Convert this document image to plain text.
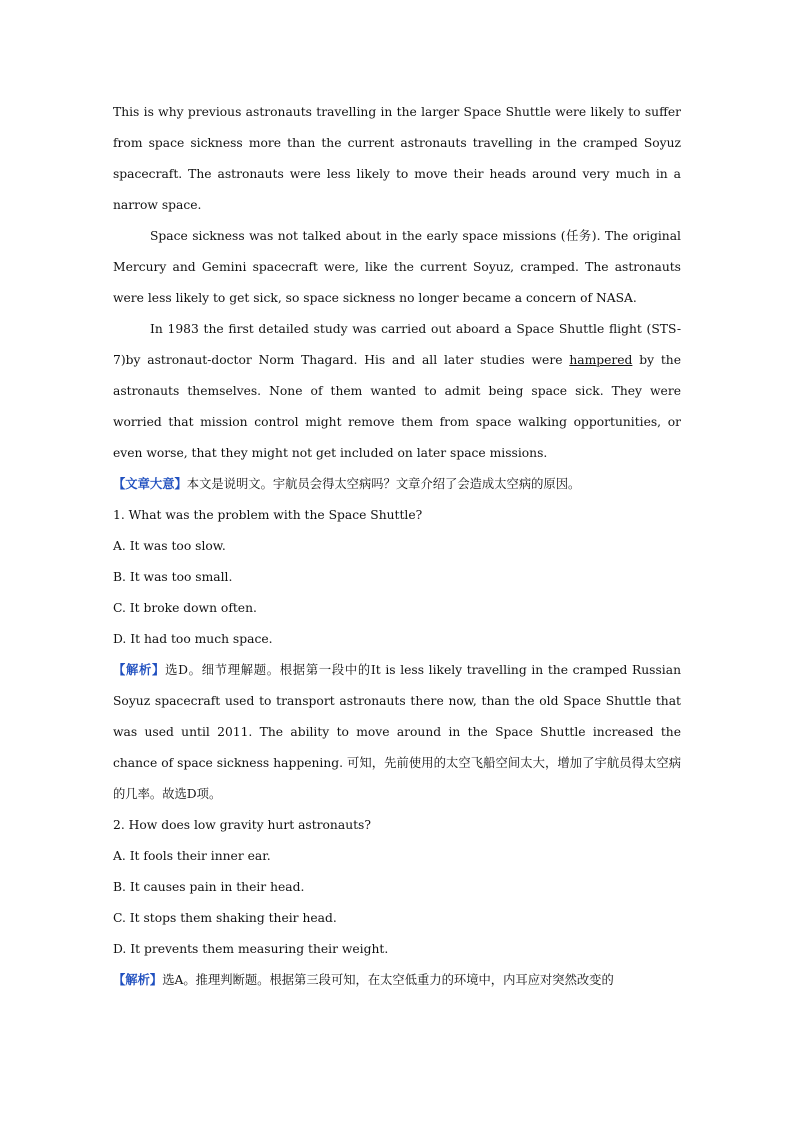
This is why previous astronauts travelling in the larger Space Shuttle were likely to suffer from space sickness more than the current astronauts travelling in the cramped Soyuz spacecraft. The astronauts were less likely to move their heads around very much in a narrow space.

Space sickness was not talked about in the early space missions (任务). The original Mercury and Gemini spacecraft were, like the current Soyuz, cramped. The astronauts were less likely to get sick, so space sickness no longer became a concern of NASA.

In 1983 the first detailed study was carried out aboard a Space Shuttle flight (STS-7)by astronaut-doctor Norm Thagard. His and all later studies were hampered by the astronauts themselves. None of them wanted to admit being space sick. They were worried that mission control might remove them from space walking opportunities, or even worse, that they might not get included on later space missions.

【文章大意】本文是说明文。宇航员会得太空病吗？文章介绍了会造成太空病的原因。

1. What was the problem with the Space Shuttle?

A. It was too slow.

B. It was too small.

C. It broke down often.

D. It had too much space.

【解析】选D。细节理解题。根据第一段中的It is less likely travelling in the cramped Russian Soyuz spacecraft used to transport astronauts there now, than the old Space Shuttle that was used until 2011. The ability to move around in the Space Shuttle increased the chance of space sickness happening. 可知，先前使用的太空飞船空间太大，增加了宇航员得太空病的几率。故选D项。

2. How does low gravity hurt astronauts?

A. It fools their inner ear.

B. It causes pain in their head.

C. It stops them shaking their head.

D. It prevents them measuring their weight.

【解析】选A。推理判断题。根据第三段可知，在太空低重力的环境中，内耳应对突然改变的
